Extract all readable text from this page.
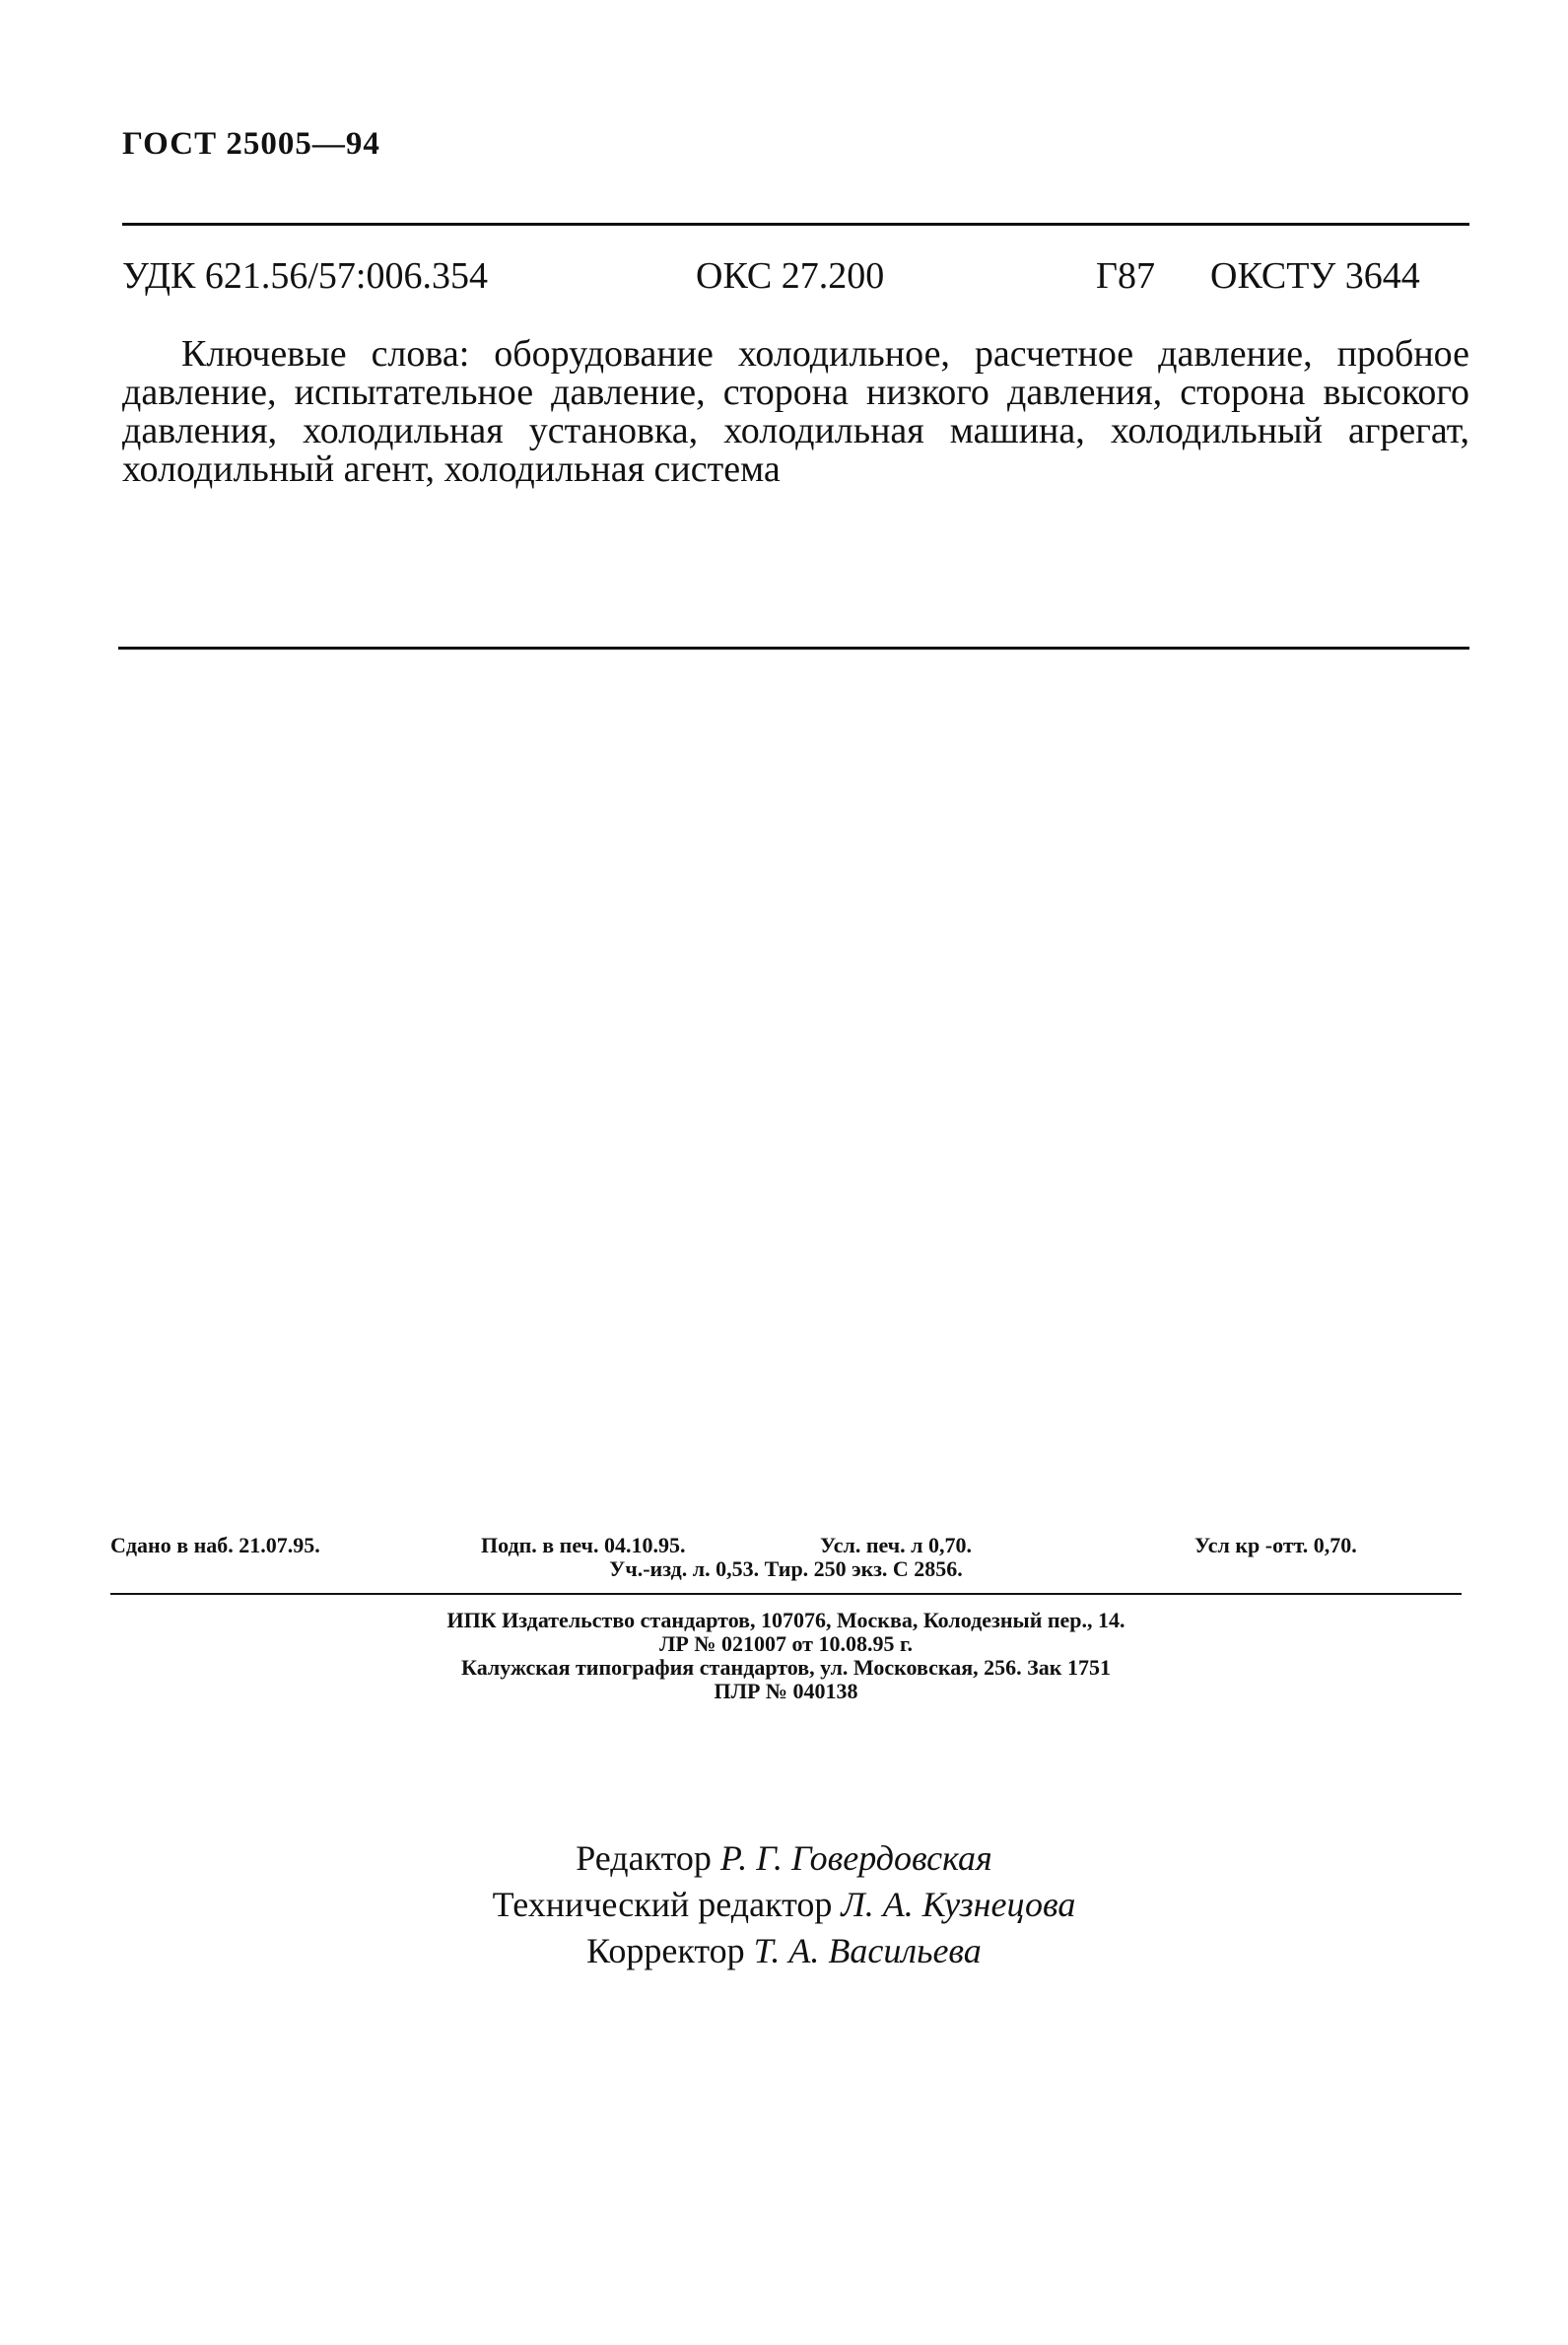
ГОСТ 25005—94
УДК 621.56/57:006.354	ОКС 27.200	Г87 ОКСТУ 3644
Ключевые слова: оборудование холодильное, расчетное давление, пробное давление, испытательное давление, сторона низкого давления, сторона высокого давления, холодильная установка, холодильная машина, холодильный агрегат, холодильный агент, холодильная система
Сдано в наб. 21.07.95.	Подп. в печ. 04.10.95.	Усл. печ. л 0,70.	Усл кр -отт. 0,70.
Уч.-изд. л. 0,53. Тир. 250 экз. С 2856.
ИПК Издательство стандартов, 107076, Москва, Колодезный пер., 14.
ЛР № 021007 от 10.08.95 г.
Калужская типография стандартов, ул. Московская, 256. Зак 1751
ПЛР № 040138
Редактор Р. Г. Говердовская
Технический редактор Л. А. Кузнецова
Корректор Т. А. Васильева
